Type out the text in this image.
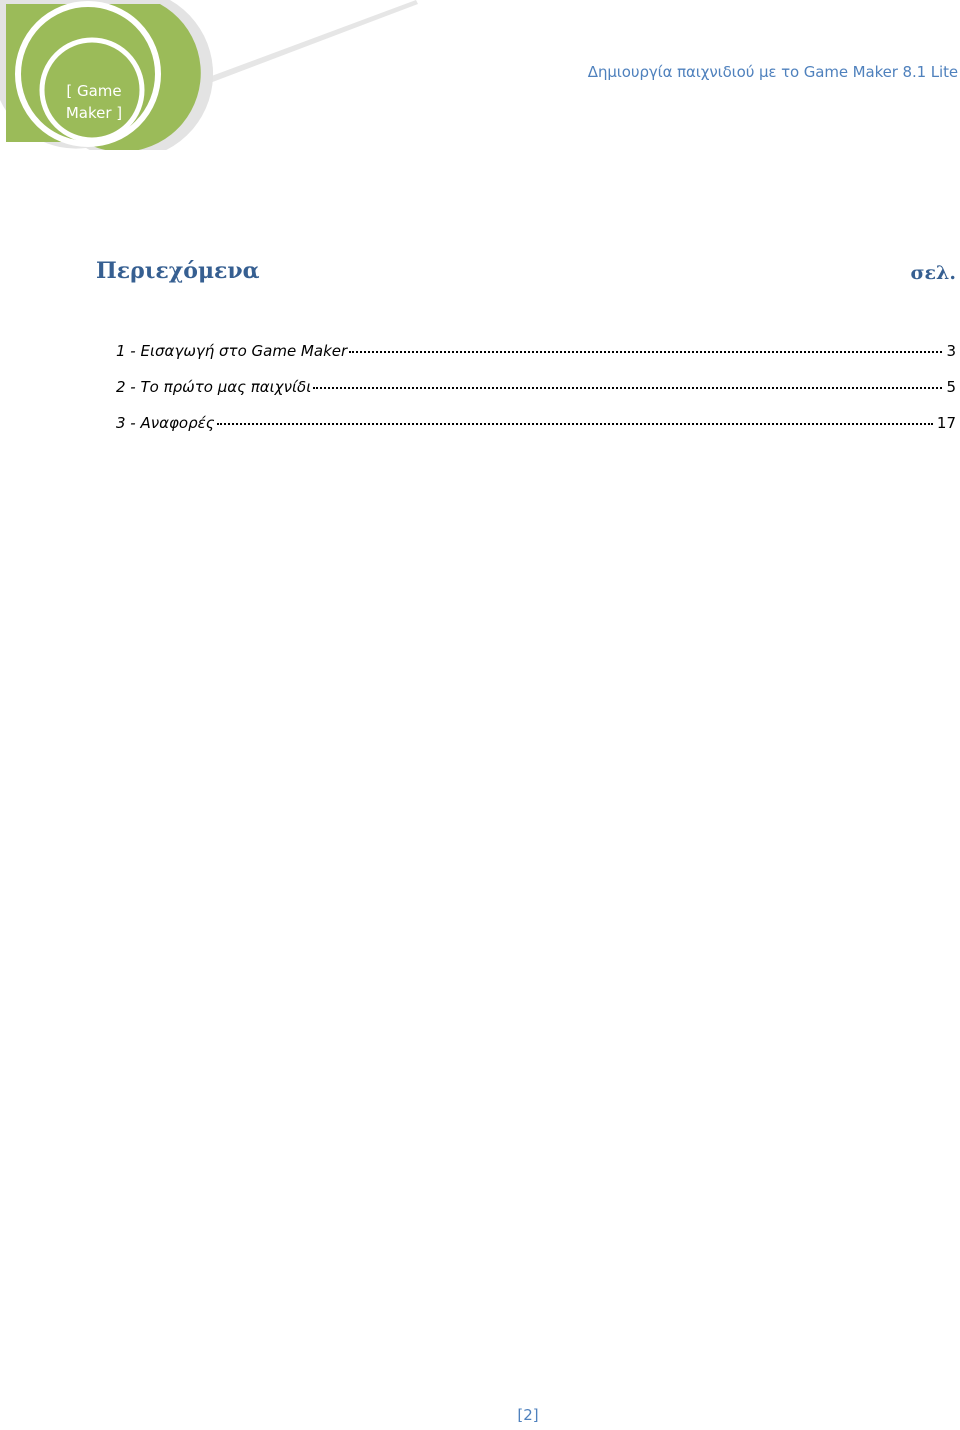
[ Game
Maker ]
Δημιουργία παιχνιδιού με το Game Maker 8.1 Lite
Περιεχόμενα	σελ.
1 - Εισαγωγή στο Game Maker	3
2 - Το πρώτο μας παιχνίδι	5
3 - Αναφορές	17
[2]
